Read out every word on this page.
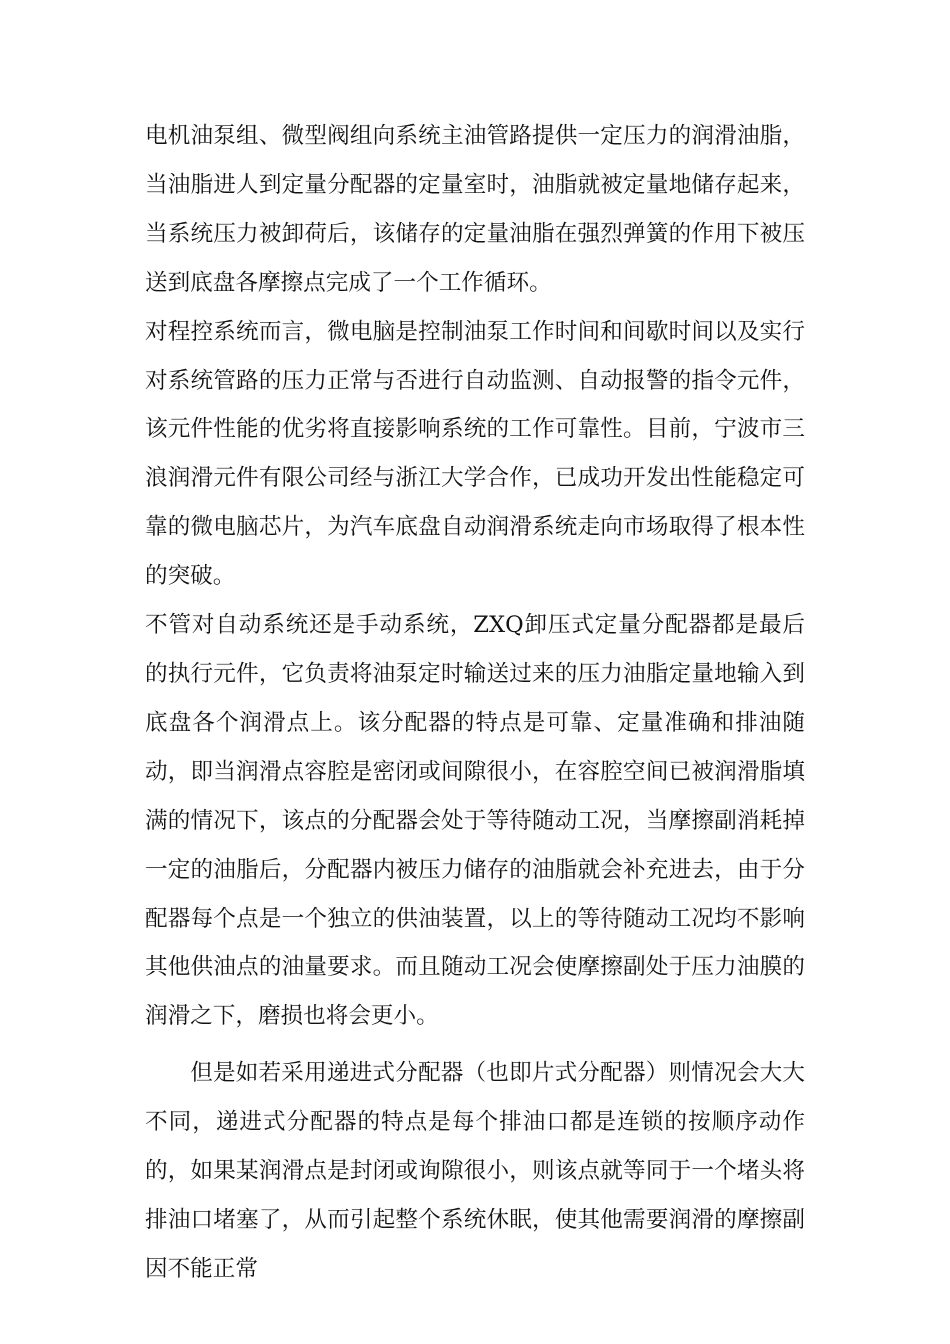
电机油泵组、微型阀组向系统主油管路提供一定压力的润滑油脂，当油脂进人到定量分配器的定量室时，油脂就被定量地储存起来，当系统压力被卸荷后，该储存的定量油脂在强烈弹簧的作用下被压送到底盘各摩擦点完成了一个工作循环。

对程控系统而言，微电脑是控制油泵工作时间和间歇时间以及实行对系统管路的压力正常与否进行自动监测、自动报警的指令元件，该元件性能的优劣将直接影响系统的工作可靠性。目前，宁波市三浪润滑元件有限公司经与浙江大学合作，已成功开发出性能稳定可靠的微电脑芯片，为汽车底盘自动润滑系统走向市场取得了根本性的突破。

不管对自动系统还是手动系统，ZXQ卸压式定量分配器都是最后的执行元件，它负责将油泵定时输送过来的压力油脂定量地输入到底盘各个润滑点上。该分配器的特点是可靠、定量准确和排油随动，即当润滑点容腔是密闭或间隙很小，在容腔空间已被润滑脂填满的情况下，该点的分配器会处于等待随动工况，当摩擦副消耗掉一定的油脂后，分配器内被压力储存的油脂就会补充进去，由于分配器每个点是一个独立的供油装置，以上的等待随动工况均不影响其他供油点的油量要求。而且随动工况会使摩擦副处于压力油膜的润滑之下，磨损也将会更小。

但是如若采用递进式分配器（也即片式分配器）则情况会大大不同，递进式分配器的特点是每个排油口都是连锁的按顺序动作的，如果某润滑点是封闭或询隙很小，则该点就等同于一个堵头将排油口堵塞了，从而引起整个系统休眠，使其他需要润滑的摩擦副因不能正常
